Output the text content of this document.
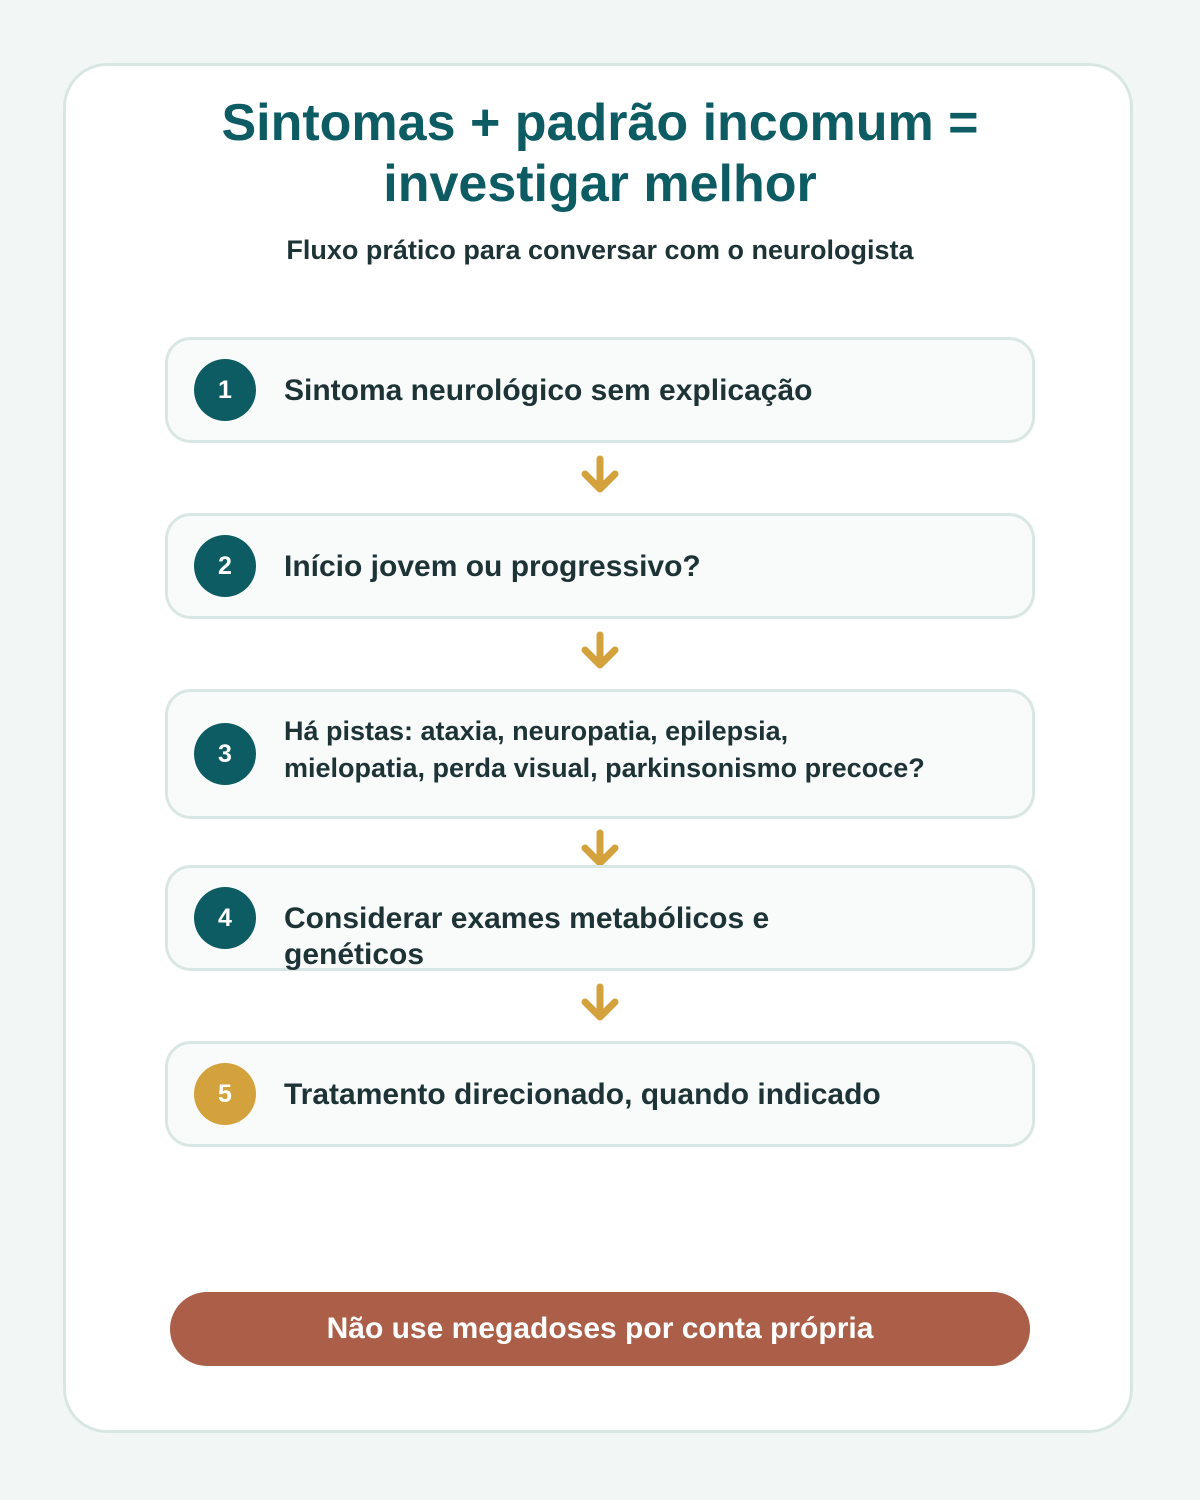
Sintomas + padrão incomum =
investigar melhor

Fluxo prático para conversar com o neurologista

1	Sintoma neurológico sem explicação
2	Início jovem ou progressivo?
3
Há pistas: ataxia, neuropatia, epilepsia,
mielopatia, perda visual, parkinsonismo precoce?
4	Considerar exames metabólicos e
genéticos
5	Tratamento direcionado, quando indicado
Não use megadoses por conta própria
